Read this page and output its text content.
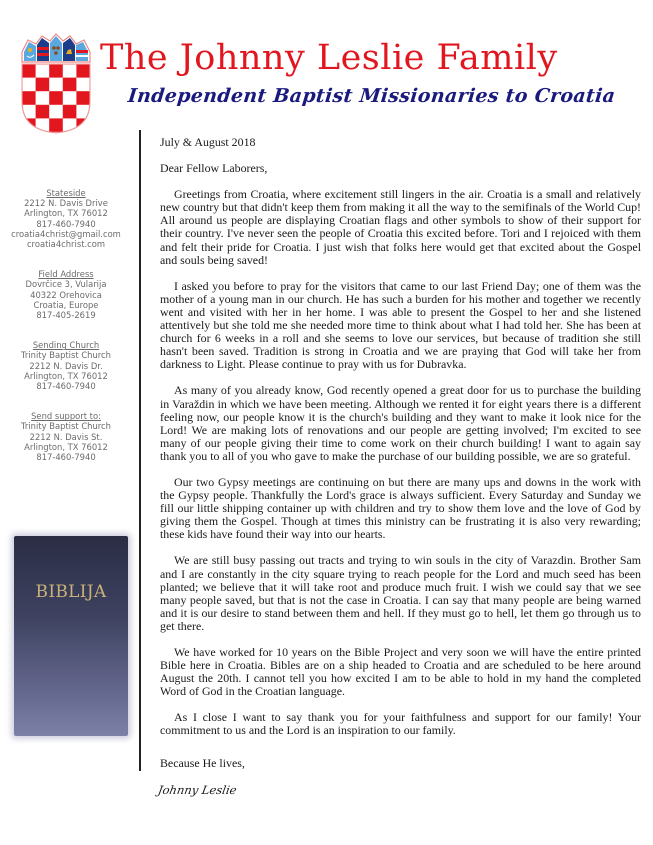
The Johnny Leslie Family
Independent Baptist Missionaries to Croatia
Stateside
2212 N. Davis Drive
Arlington, TX 76012
817-460-7940
croatia4christ@gmail.com
croatia4christ.com
Field Address
Dovrčice 3, Vularija
40322 Orehovica
Croatia, Europe
817-405-2619
Sending Church
Trinity Baptist Church
2212 N. Davis Dr.
Arlington, TX 76012
817-460-7940
Send support to:
Trinity Baptist Church
2212 N. Davis St.
Arlington, TX 76012
817-460-7940
BIBLIJA

July & August 2018

Dear Fellow Laborers,

Greetings from Croatia, where excitement still lingers in the air. Croatia is a small and relatively new country but that didn't keep them from making it all the way to the semifinals of the World Cup! All around us people are displaying Croatian flags and other symbols to show of their support for their country. I've never seen the people of Croatia this excited before. Tori and I rejoiced with them and felt their pride for Croatia. I just wish that folks here would get that excited about the Gospel and souls being saved!

I asked you before to pray for the visitors that came to our last Friend Day; one of them was the mother of a young man in our church. He has such a burden for his mother and together we recently went and visited with her in her home. I was able to present the Gospel to her and she listened attentively but she told me she needed more time to think about what I had told her. She has been at church for 6 weeks in a roll and she seems to love our services, but because of tradition she still hasn't been saved. Tradition is strong in Croatia and we are praying that God will take her from darkness to Light. Please continue to pray with us for Dubravka.

As many of you already know, God recently opened a great door for us to purchase the building in Varaždin in which we have been meeting. Although we rented it for eight years there is a different feeling now, our people know it is the church's building and they want to make it look nice for the Lord! We are making lots of renovations and our people are getting involved; I'm excited to see many of our people giving their time to come work on their church building! I want to again say thank you to all of you who gave to make the purchase of our building possible, we are so grateful.

Our two Gypsy meetings are continuing on but there are many ups and downs in the work with the Gypsy people. Thankfully the Lord's grace is always sufficient. Every Saturday and Sunday we fill our little shipping container up with children and try to show them love and the love of God by giving them the Gospel. Though at times this ministry can be frustrating it is also very rewarding; these kids have found their way into our hearts.

We are still busy passing out tracts and trying to win souls in the city of Varazdin. Brother Sam and I are constantly in the city square trying to reach people for the Lord and much seed has been planted; we believe that it will take root and produce much fruit. I wish we could say that we see many people saved, but that is not the case in Croatia. I can say that many people are being warned and it is our desire to stand between them and hell. If they must go to hell, let them go through us to get there.

We have worked for 10 years on the Bible Project and very soon we will have the entire printed Bible here in Croatia. Bibles are on a ship headed to Croatia and are scheduled to be here around August the 20th. I cannot tell you how excited I am to be able to hold in my hand the completed Word of God in the Croatian language.

As I close I want to say thank you for your faithfulness and support for our family! Your commitment to us and the Lord is an inspiration to our family.

Because He lives,

Johnny Leslie
